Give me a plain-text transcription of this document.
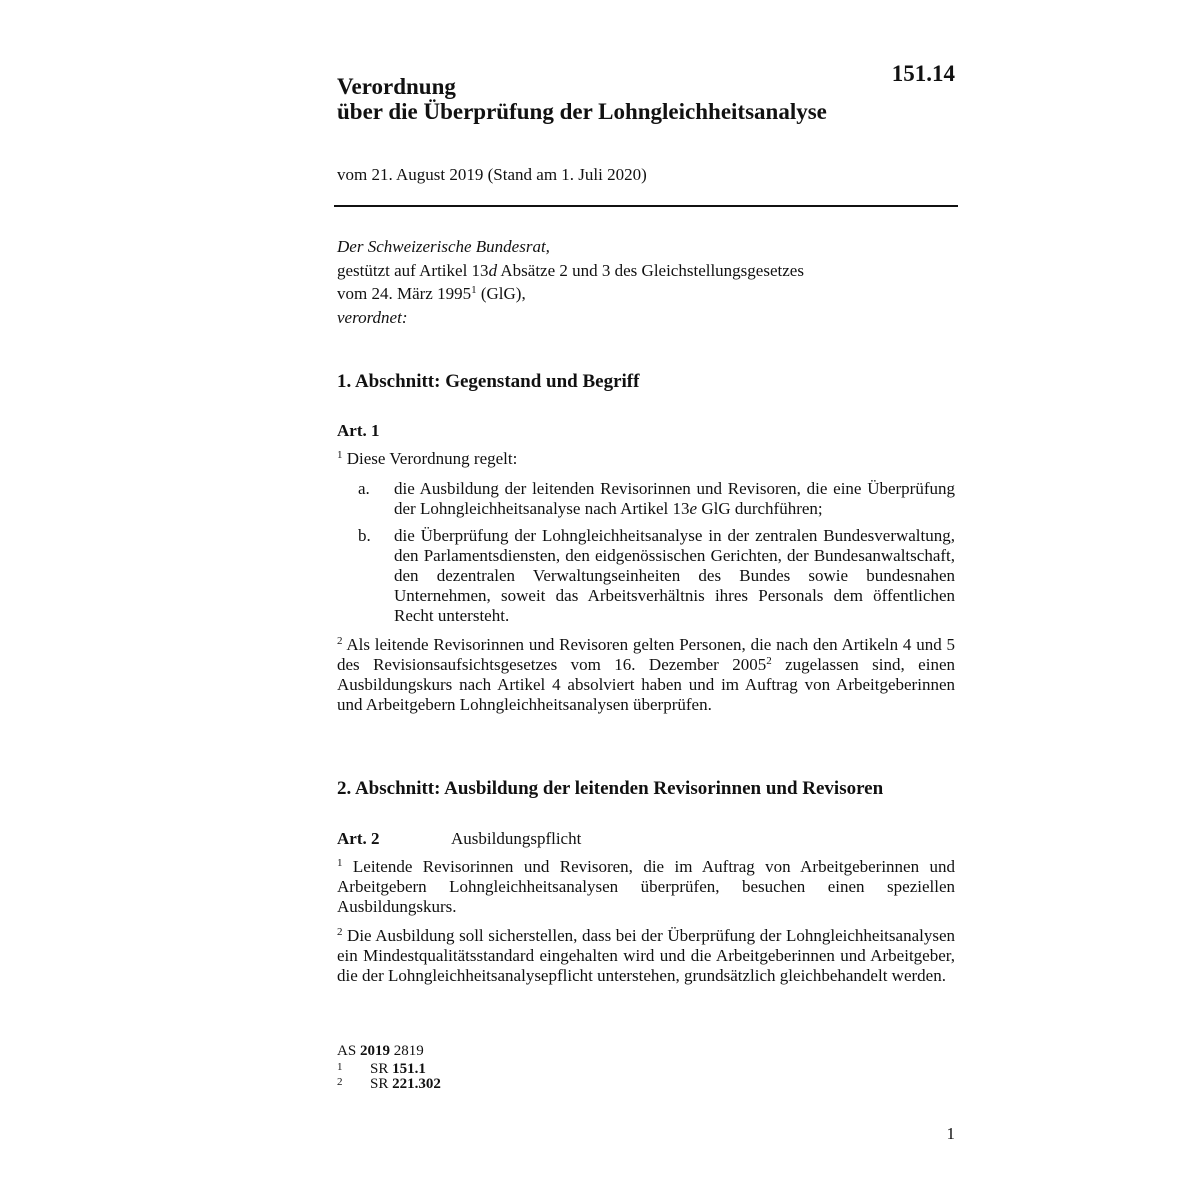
151.14
Verordnung
über die Überprüfung der Lohngleichheitsanalyse
vom 21. August 2019 (Stand am 1. Juli 2020)
Der Schweizerische Bundesrat,
gestützt auf Artikel 13d Absätze 2 und 3 des Gleichstellungsgesetzes
vom 24. März 1995$^1$ (GlG),
verordnet:
1. Abschnitt: Gegenstand und Begriff
Art. 1
$^1$ Diese Verordnung regelt:
a.	die Ausbildung der leitenden Revisorinnen und Revisoren, die eine Überprüfung der Lohngleichheitsanalyse nach Artikel 13e GlG durchführen;
b.	die Überprüfung der Lohngleichheitsanalyse in der zentralen Bundesverwaltung, den Parlamentsdiensten, den eidgenössischen Gerichten, der Bundesanwaltschaft, den dezentralen Verwaltungseinheiten des Bundes sowie bundesnahen Unternehmen, soweit das Arbeitsverhältnis ihres Personals dem öffentlichen Recht untersteht.
$^2$ Als leitende Revisorinnen und Revisoren gelten Personen, die nach den Artikeln 4 und 5 des Revisionsaufsichtsgesetzes vom 16. Dezember 2005$^2$ zugelassen sind, einen Ausbildungskurs nach Artikel 4 absolviert haben und im Auftrag von Arbeitgeberinnen und Arbeitgebern Lohngleichheitsanalysen überprüfen.
2. Abschnitt: Ausbildung der leitenden Revisorinnen und Revisoren
Art. 2	Ausbildungspflicht
$^1$ Leitende Revisorinnen und Revisoren, die im Auftrag von Arbeitgeberinnen und Arbeitgebern Lohngleichheitsanalysen überprüfen, besuchen einen speziellen Ausbildungskurs.
$^2$ Die Ausbildung soll sicherstellen, dass bei der Überprüfung der Lohngleichheitsanalysen ein Mindestqualitätsstandard eingehalten wird und die Arbeitgeberinnen und Arbeitgeber, die der Lohngleichheitsanalysepflicht unterstehen, grundsätzlich gleichbehandelt werden.
AS 2019 2819
1 SR 151.1
2 SR 221.302
1
